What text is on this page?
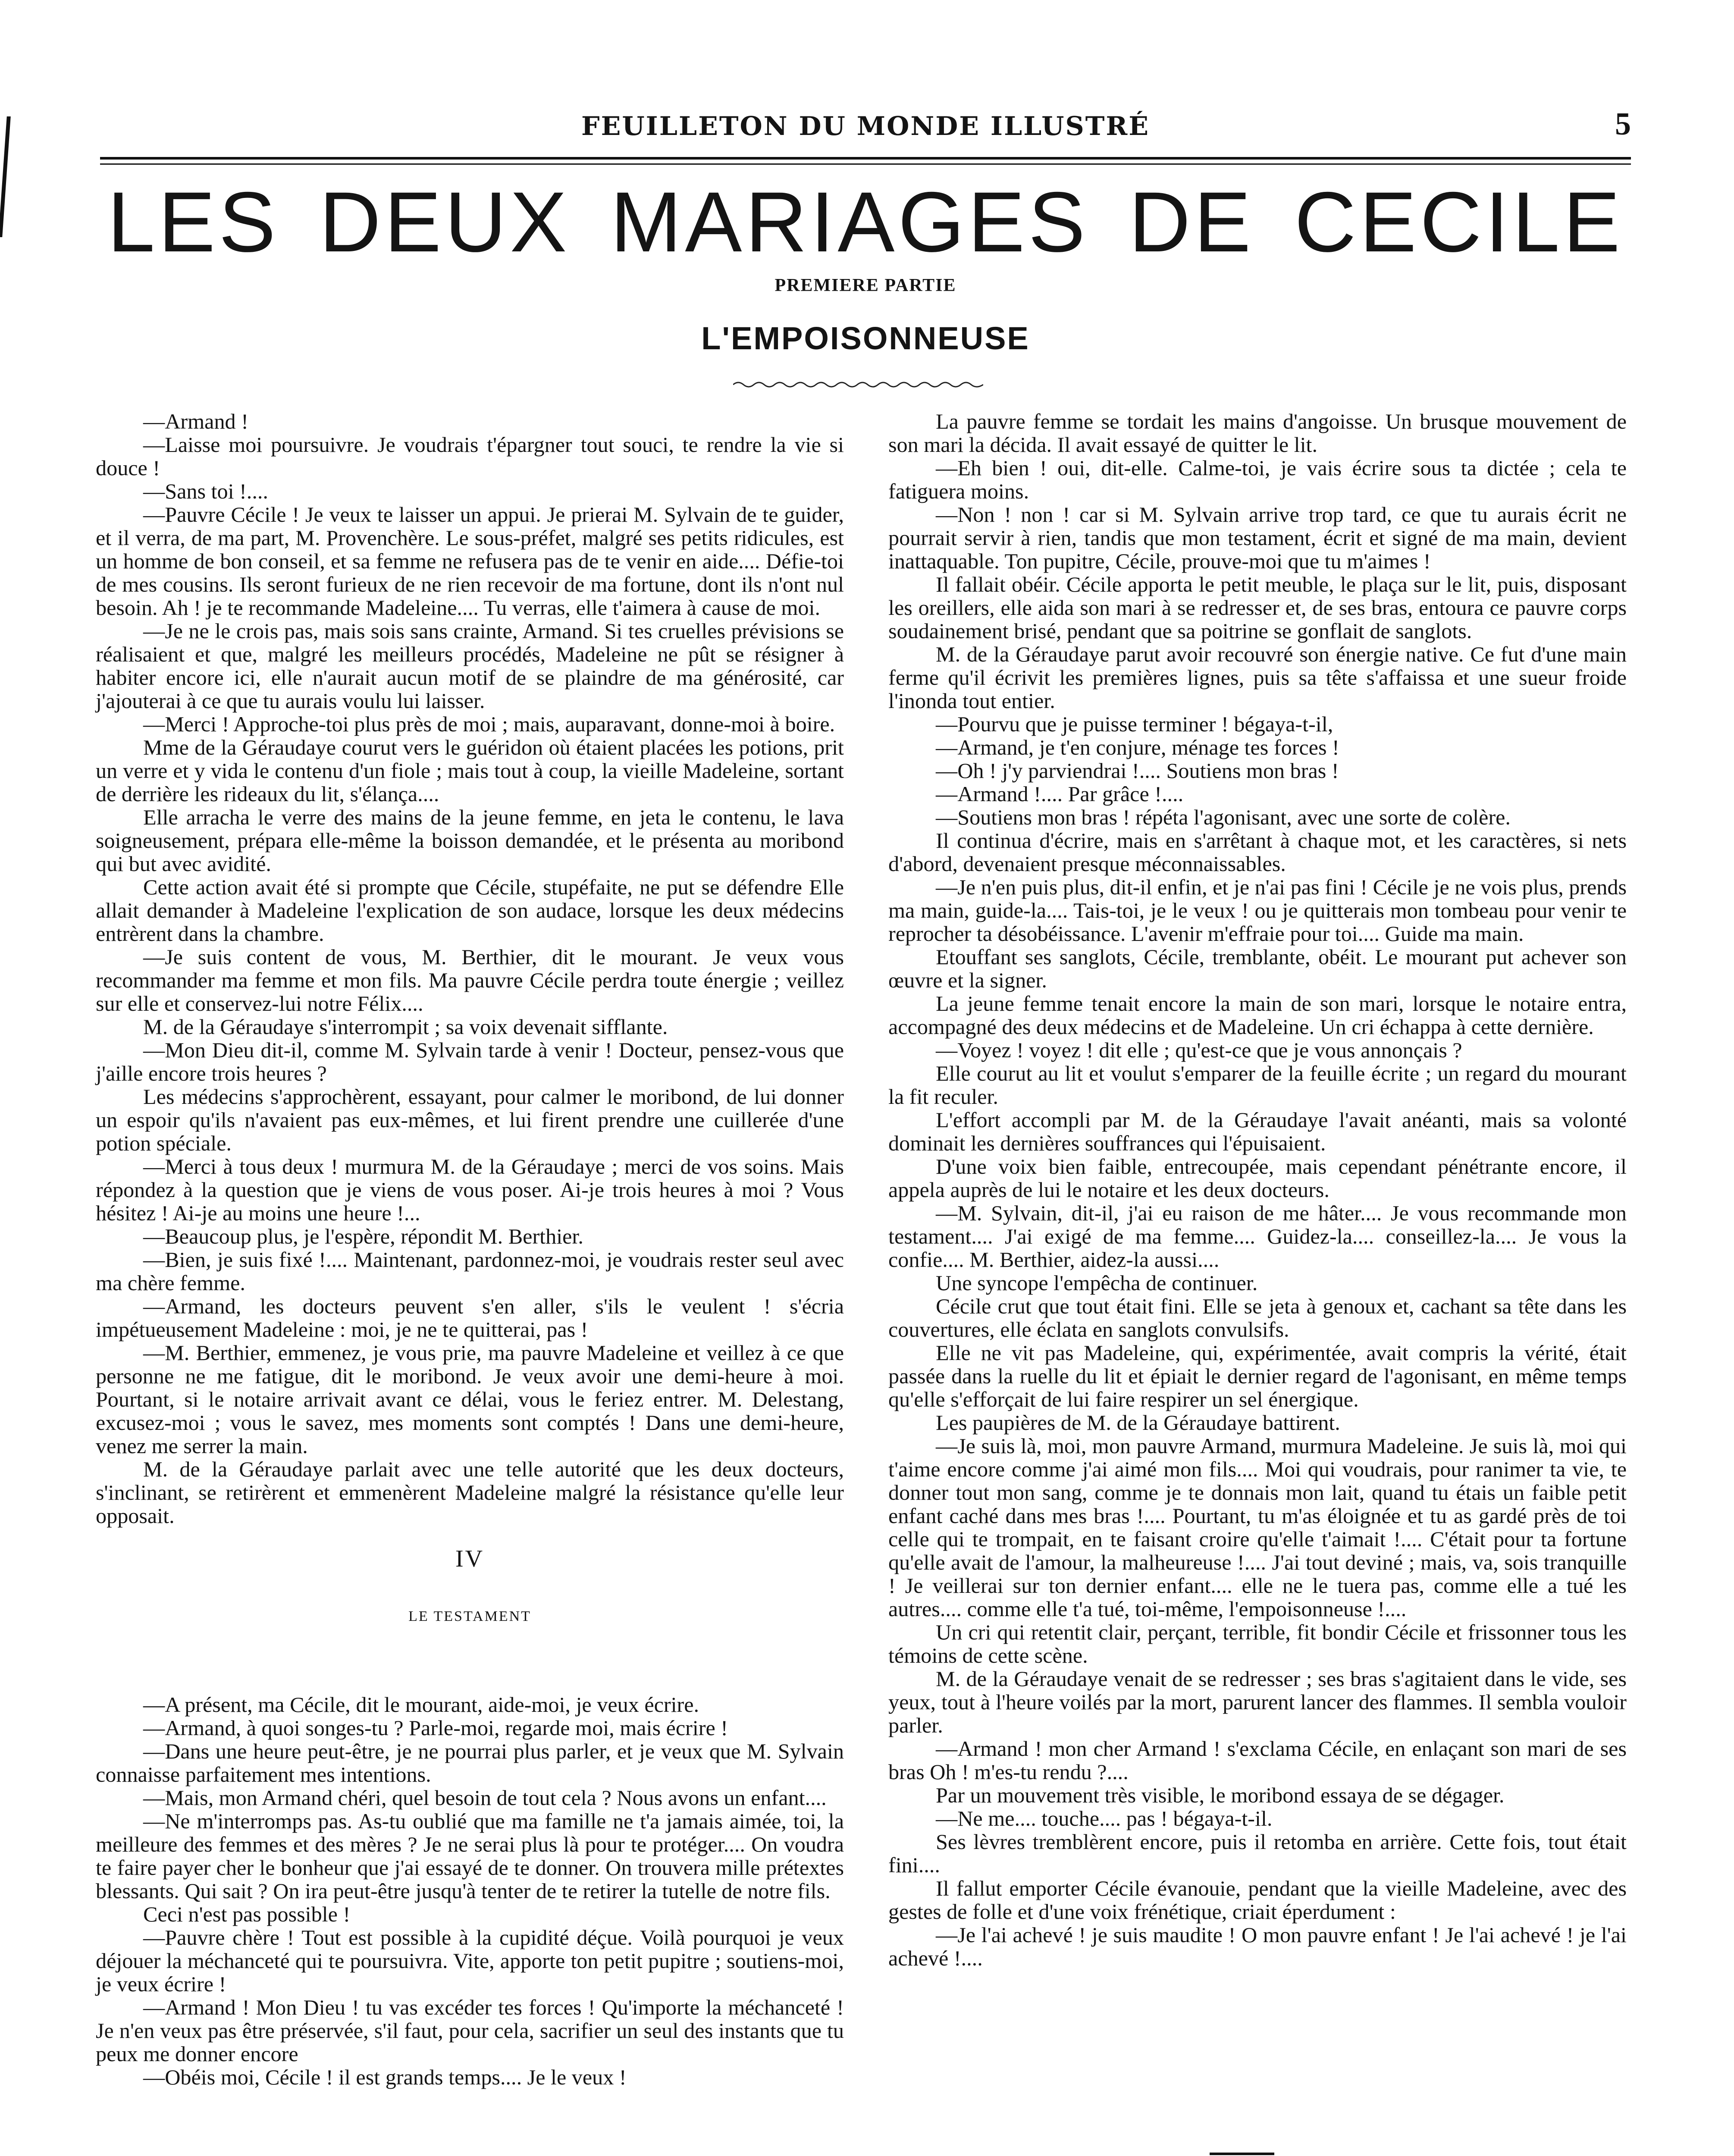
FEUILLETON DU MONDE ILLUSTRÉ	5
LES DEUX MARIAGES DE CECILE
PREMIERE PARTIE
L'EMPOISONNEUSE

—Armand !

—Laisse moi poursuivre. Je voudrais t'épargner tout souci, te rendre la vie si douce !

—Sans toi !....

—Pauvre Cécile ! Je veux te laisser un appui. Je prierai M. Sylvain de te guider, et il verra, de ma part, M. Provenchère. Le sous-préfet, malgré ses petits ridicules, est un homme de bon conseil, et sa femme ne refusera pas de te venir en aide.... Défie-toi de mes cousins. Ils seront furieux de ne rien recevoir de ma fortune, dont ils n'ont nul besoin. Ah ! je te recommande Madeleine.... Tu verras, elle t'aimera à cause de moi.

—Je ne le crois pas, mais sois sans crainte, Armand. Si tes cruelles prévisions se réalisaient et que, malgré les meilleurs procédés, Madeleine ne pût se résigner à habiter encore ici, elle n'aurait aucun motif de se plaindre de ma générosité, car j'ajouterai à ce que tu aurais voulu lui laisser.

—Merci ! Approche-toi plus près de moi ; mais, auparavant, donne-moi à boire.

Mme de la Géraudaye courut vers le guéridon où étaient placées les potions, prit un verre et y vida le contenu d'un fiole ; mais tout à coup, la vieille Madeleine, sortant de derrière les rideaux du lit, s'élança....

Elle arracha le verre des mains de la jeune femme, en jeta le contenu, le lava soigneusement, prépara elle-même la boisson demandée, et le présenta au moribond qui but avec avidité.

Cette action avait été si prompte que Cécile, stupéfaite, ne put se défendre Elle allait demander à Madeleine l'explication de son audace, lorsque les deux médecins entrèrent dans la chambre.

—Je suis content de vous, M. Berthier, dit le mourant. Je veux vous recommander ma femme et mon fils. Ma pauvre Cécile perdra toute énergie ; veillez sur elle et conservez-lui notre Félix....

M. de la Géraudaye s'interrompit ; sa voix devenait sifflante.

—Mon Dieu dit-il, comme M. Sylvain tarde à venir ! Docteur, pensez-vous que j'aille encore trois heures ?

Les médecins s'approchèrent, essayant, pour calmer le moribond, de lui donner un espoir qu'ils n'avaient pas eux-mêmes, et lui firent prendre une cuillerée d'une potion spéciale.

—Merci à tous deux ! murmura M. de la Géraudaye ; merci de vos soins. Mais répondez à la question que je viens de vous poser. Ai-je trois heures à moi ? Vous hésitez ! Ai-je au moins une heure !...

—Beaucoup plus, je l'espère, répondit M. Berthier.

—Bien, je suis fixé !.... Maintenant, pardonnez-moi, je voudrais rester seul avec ma chère femme.

—Armand, les docteurs peuvent s'en aller, s'ils le veulent ! s'écria impétueusement Madeleine : moi, je ne te quitterai, pas !

—M. Berthier, emmenez, je vous prie, ma pauvre Madeleine et veillez à ce que personne ne me fatigue, dit le moribond. Je veux avoir une demi-heure à moi. Pourtant, si le notaire arrivait avant ce délai, vous le feriez entrer. M. Delestang, excusez-moi ; vous le savez, mes moments sont comptés ! Dans une demi-heure, venez me serrer la main.

M. de la Géraudaye parlait avec une telle autorité que les deux docteurs, s'inclinant, se retirèrent et emmenèrent Madeleine malgré la résistance qu'elle leur opposait.

IV
LE TESTAMENT

—A présent, ma Cécile, dit le mourant, aide-moi, je veux écrire.

—Armand, à quoi songes-tu ? Parle-moi, regarde moi, mais écrire !

—Dans une heure peut-être, je ne pourrai plus parler, et je veux que M. Sylvain connaisse parfaitement mes intentions.

—Mais, mon Armand chéri, quel besoin de tout cela ? Nous avons un enfant....

—Ne m'interromps pas. As-tu oublié que ma famille ne t'a jamais aimée, toi, la meilleure des femmes et des mères ? Je ne serai plus là pour te protéger.... On voudra te faire payer cher le bonheur que j'ai essayé de te donner. On trouvera mille prétextes blessants. Qui sait ? On ira peut-être jusqu'à tenter de te retirer la tutelle de notre fils.

Ceci n'est pas possible !

—Pauvre chère ! Tout est possible à la cupidité déçue. Voilà pourquoi je veux déjouer la méchanceté qui te poursuivra. Vite, apporte ton petit pupitre ; soutiens-moi, je veux écrire !

—Armand ! Mon Dieu ! tu vas excéder tes forces ! Qu'importe la méchanceté ! Je n'en veux pas être préservée, s'il faut, pour cela, sacrifier un seul des instants que tu peux me donner encore

—Obéis moi, Cécile ! il est grands temps.... Je le veux !

La pauvre femme se tordait les mains d'angoisse. Un brusque mouvement de son mari la décida. Il avait essayé de quitter le lit.

—Eh bien ! oui, dit-elle. Calme-toi, je vais écrire sous ta dictée ; cela te fatiguera moins.

—Non ! non ! car si M. Sylvain arrive trop tard, ce que tu aurais écrit ne pourrait servir à rien, tandis que mon testament, écrit et signé de ma main, devient inattaquable. Ton pupitre, Cécile, prouve-moi que tu m'aimes !

Il fallait obéir. Cécile apporta le petit meuble, le plaça sur le lit, puis, disposant les oreillers, elle aida son mari à se redresser et, de ses bras, entoura ce pauvre corps soudainement brisé, pendant que sa poitrine se gonflait de sanglots.

M. de la Géraudaye parut avoir recouvré son énergie native. Ce fut d'une main ferme qu'il écrivit les premières lignes, puis sa tête s'affaissa et une sueur froide l'inonda tout entier.

—Pourvu que je puisse terminer ! bégaya-t-il,

—Armand, je t'en conjure, ménage tes forces !

—Oh ! j'y parviendrai !.... Soutiens mon bras !

—Armand !.... Par grâce !....

—Soutiens mon bras ! répéta l'agonisant, avec une sorte de colère.

Il continua d'écrire, mais en s'arrêtant à chaque mot, et les caractères, si nets d'abord, devenaient presque méconnaissables.

—Je n'en puis plus, dit-il enfin, et je n'ai pas fini ! Cécile je ne vois plus, prends ma main, guide-la.... Tais-toi, je le veux ! ou je quitterais mon tombeau pour venir te reprocher ta désobéissance. L'avenir m'effraie pour toi.... Guide ma main.

Etouffant ses sanglots, Cécile, tremblante, obéit. Le mourant put achever son œuvre et la signer.

La jeune femme tenait encore la main de son mari, lorsque le notaire entra, accompagné des deux médecins et de Madeleine. Un cri échappa à cette dernière.

—Voyez ! voyez ! dit elle ; qu'est-ce que je vous annonçais ?

Elle courut au lit et voulut s'emparer de la feuille écrite ; un regard du mourant la fit reculer.

L'effort accompli par M. de la Géraudaye l'avait anéanti, mais sa volonté dominait les dernières souffrances qui l'épuisaient.

D'une voix bien faible, entrecoupée, mais cependant pénétrante encore, il appela auprès de lui le notaire et les deux docteurs.

—M. Sylvain, dit-il, j'ai eu raison de me hâter.... Je vous recommande mon testament.... J'ai exigé de ma femme.... Guidez-la.... conseillez-la.... Je vous la confie.... M. Berthier, aidez-la aussi....

Une syncope l'empêcha de continuer.

Cécile crut que tout était fini. Elle se jeta à genoux et, cachant sa tête dans les couvertures, elle éclata en sanglots convulsifs.

Elle ne vit pas Madeleine, qui, expérimentée, avait compris la vérité, était passée dans la ruelle du lit et épiait le dernier regard de l'agonisant, en même temps qu'elle s'efforçait de lui faire respirer un sel énergique.

Les paupières de M. de la Géraudaye battirent.

—Je suis là, moi, mon pauvre Armand, murmura Madeleine. Je suis là, moi qui t'aime encore comme j'ai aimé mon fils.... Moi qui voudrais, pour ranimer ta vie, te donner tout mon sang, comme je te donnais mon lait, quand tu étais un faible petit enfant caché dans mes bras !.... Pourtant, tu m'as éloignée et tu as gardé près de toi celle qui te trompait, en te faisant croire qu'elle t'aimait !.... C'était pour ta fortune qu'elle avait de l'amour, la malheureuse !.... J'ai tout deviné ; mais, va, sois tranquille ! Je veillerai sur ton dernier enfant.... elle ne le tuera pas, comme elle a tué les autres.... comme elle t'a tué, toi-même, l'empoisonneuse !....

Un cri qui retentit clair, perçant, terrible, fit bondir Cécile et frissonner tous les témoins de cette scène.

M. de la Géraudaye venait de se redresser ; ses bras s'agitaient dans le vide, ses yeux, tout à l'heure voilés par la mort, parurent lancer des flammes. Il sembla vouloir parler.

—Armand ! mon cher Armand ! s'exclama Cécile, en enlaçant son mari de ses bras Oh ! m'es-tu rendu ?....

Par un mouvement très visible, le moribond essaya de se dégager.

—Ne me.... touche.... pas ! bégaya-t-il.

Ses lèvres tremblèrent encore, puis il retomba en arrière. Cette fois, tout était fini....

Il fallut emporter Cécile évanouie, pendant que la vieille Madeleine, avec des gestes de folle et d'une voix frénétique, criait éperdument :

—Je l'ai achevé ! je suis maudite ! O mon pauvre enfant ! Je l'ai achevé ! je l'ai achevé !....
